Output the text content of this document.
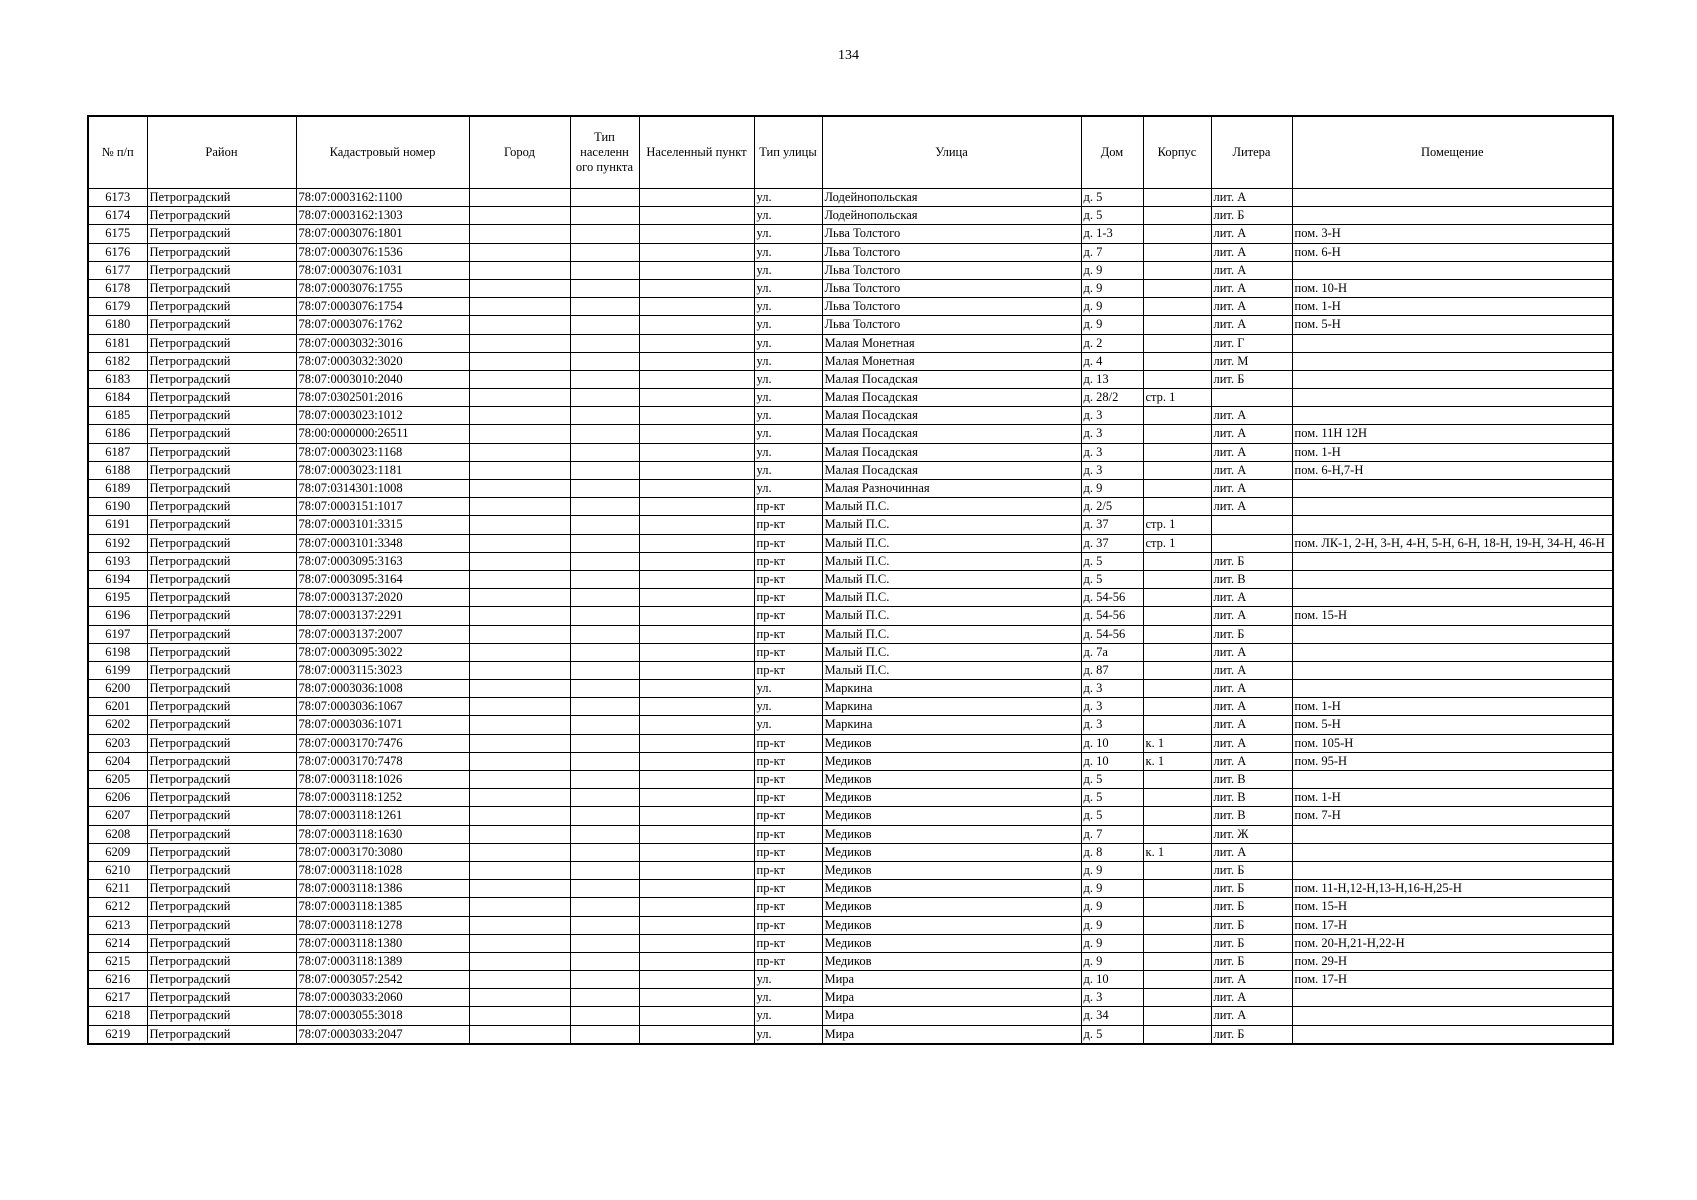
134
№ п/п	Район	Кадастровый номер	Город	Тип населенн ого пункта	Населенный пункт	Тип улицы	Улица	Дом	Корпус	Литера	Помещение
6173	Петроградский	78:07:0003162:1100				ул.	Лодейнопольская	д. 5		лит. А	
6174	Петроградский	78:07:0003162:1303				ул.	Лодейнопольская	д. 5		лит. Б	
6175	Петроградский	78:07:0003076:1801				ул.	Льва Толстого	д. 1-3		лит. А	пом. 3-Н
6176	Петроградский	78:07:0003076:1536				ул.	Льва Толстого	д. 7		лит. А	пом. 6-Н
6177	Петроградский	78:07:0003076:1031				ул.	Льва Толстого	д. 9		лит. А	
6178	Петроградский	78:07:0003076:1755				ул.	Льва Толстого	д. 9		лит. А	пом. 10-Н
6179	Петроградский	78:07:0003076:1754				ул.	Льва Толстого	д. 9		лит. А	пом. 1-Н
6180	Петроградский	78:07:0003076:1762				ул.	Льва Толстого	д. 9		лит. А	пом. 5-Н
6181	Петроградский	78:07:0003032:3016				ул.	Малая Монетная	д. 2		лит. Г	
6182	Петроградский	78:07:0003032:3020				ул.	Малая Монетная	д. 4		лит. М	
6183	Петроградский	78:07:0003010:2040				ул.	Малая Посадская	д. 13		лит. Б	
6184	Петроградский	78:07:0302501:2016				ул.	Малая Посадская	д. 28/2	стр. 1		
6185	Петроградский	78:07:0003023:1012				ул.	Малая Посадская	д. 3		лит. А	
6186	Петроградский	78:00:0000000:26511				ул.	Малая Посадская	д. 3		лит. А	пом. 11Н 12Н
6187	Петроградский	78:07:0003023:1168				ул.	Малая Посадская	д. 3		лит. А	пом. 1-Н
6188	Петроградский	78:07:0003023:1181				ул.	Малая Посадская	д. 3		лит. А	пом. 6-Н,7-Н
6189	Петроградский	78:07:0314301:1008				ул.	Малая Разночинная	д. 9		лит. А	
6190	Петроградский	78:07:0003151:1017				пр-кт	Малый П.С.	д. 2/5		лит. А	
6191	Петроградский	78:07:0003101:3315				пр-кт	Малый П.С.	д. 37	стр. 1		
6192	Петроградский	78:07:0003101:3348				пр-кт	Малый П.С.	д. 37	стр. 1		пом. ЛК-1, 2-Н, 3-Н, 4-Н, 5-Н, 6-Н, 18-Н, 19-Н, 34-Н, 46-Н
6193	Петроградский	78:07:0003095:3163				пр-кт	Малый П.С.	д. 5		лит. Б	
6194	Петроградский	78:07:0003095:3164				пр-кт	Малый П.С.	д. 5		лит. В	
6195	Петроградский	78:07:0003137:2020				пр-кт	Малый П.С.	д. 54-56		лит. А	
6196	Петроградский	78:07:0003137:2291				пр-кт	Малый П.С.	д. 54-56		лит. А	пом. 15-Н
6197	Петроградский	78:07:0003137:2007				пр-кт	Малый П.С.	д. 54-56		лит. Б	
6198	Петроградский	78:07:0003095:3022				пр-кт	Малый П.С.	д. 7а		лит. А	
6199	Петроградский	78:07:0003115:3023				пр-кт	Малый П.С.	д. 87		лит. А	
6200	Петроградский	78:07:0003036:1008				ул.	Маркина	д. 3		лит. А	
6201	Петроградский	78:07:0003036:1067				ул.	Маркина	д. 3		лит. А	пом. 1-Н
6202	Петроградский	78:07:0003036:1071				ул.	Маркина	д. 3		лит. А	пом. 5-Н
6203	Петроградский	78:07:0003170:7476				пр-кт	Медиков	д. 10	к. 1	лит. А	пом. 105-Н
6204	Петроградский	78:07:0003170:7478				пр-кт	Медиков	д. 10	к. 1	лит. А	пом. 95-Н
6205	Петроградский	78:07:0003118:1026				пр-кт	Медиков	д. 5		лит. В	
6206	Петроградский	78:07:0003118:1252				пр-кт	Медиков	д. 5		лит. В	пом. 1-Н
6207	Петроградский	78:07:0003118:1261				пр-кт	Медиков	д. 5		лит. В	пом. 7-Н
6208	Петроградский	78:07:0003118:1630				пр-кт	Медиков	д. 7		лит. Ж	
6209	Петроградский	78:07:0003170:3080				пр-кт	Медиков	д. 8	к. 1	лит. А	
6210	Петроградский	78:07:0003118:1028				пр-кт	Медиков	д. 9		лит. Б	
6211	Петроградский	78:07:0003118:1386				пр-кт	Медиков	д. 9		лит. Б	пом. 11-Н,12-Н,13-Н,16-Н,25-Н
6212	Петроградский	78:07:0003118:1385				пр-кт	Медиков	д. 9		лит. Б	пом. 15-Н
6213	Петроградский	78:07:0003118:1278				пр-кт	Медиков	д. 9		лит. Б	пом. 17-Н
6214	Петроградский	78:07:0003118:1380				пр-кт	Медиков	д. 9		лит. Б	пом. 20-Н,21-Н,22-Н
6215	Петроградский	78:07:0003118:1389				пр-кт	Медиков	д. 9		лит. Б	пом. 29-Н
6216	Петроградский	78:07:0003057:2542				ул.	Мира	д. 10		лит. А	пом. 17-Н
6217	Петроградский	78:07:0003033:2060				ул.	Мира	д. 3		лит. А	
6218	Петроградский	78:07:0003055:3018				ул.	Мира	д. 34		лит. А	
6219	Петроградский	78:07:0003033:2047				ул.	Мира	д. 5		лит. Б	
